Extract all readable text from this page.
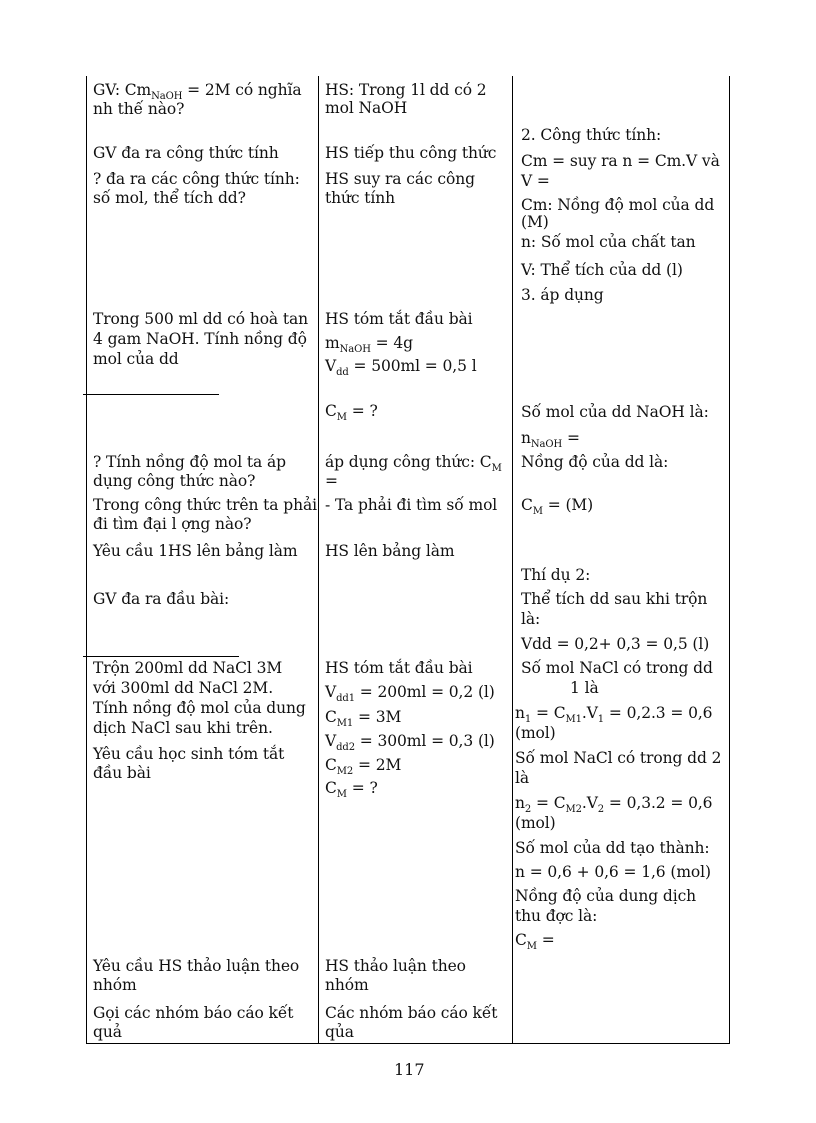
GV: $Cm_{NaOH} = 2M$ có nghĩa
nh thế nào?
GV đa ra công thức tính
? đa ra các công thức tính:
số mol, thể tích dd?
Trong 500 ml dd có hoà tan
4 gam NaOH. Tính nồng độ
mol của dd
? Tính nồng độ mol ta áp
dụng công thức nào?
Trong công thức trên ta phải
đi tìm đại l ợng nào?
Yêu cầu 1HS lên bảng làm
GV đa ra đầu bài:
Trộn 200ml dd NaCl 3M
với 300ml dd NaCl 2M.
Tính nồng độ mol của dung
dịch NaCl sau khi trên.
Yêu cầu học sinh tóm tắt
đầu bài
Yêu cầu HS thảo luận theo
nhóm
Gọi các nhóm báo cáo kết
quả
HS: Trong 1l dd có 2
mol NaOH
HS tiếp thu công thức
HS suy ra các công
thức tính
HS tóm tắt đầu bài
$m_{NaOH} = 4g$
$V_{dd} = 500ml = 0,5$ l
$C_M$ = ?
áp dụng công thức: $C_M$
=
- Ta phải đi tìm số mol
HS lên bảng làm
HS tóm tắt đầu bài
$V_{dd1} = 200ml = 0,2$ (l)
$C_{M1} = 3M$
$V_{dd2} = 300ml = 0,3$ (l)
$C_{M2} = 2M$
$C_M$ = ?
HS thảo luận theo
nhóm
Các nhóm báo cáo kết
qủa
2. Công thức tính:
Cm = suy ra n = Cm.V và
V =
Cm: Nồng độ mol của dd
(M)
n: Số mol của chất tan
V: Thể tích của dd (l)
3. áp dụng
Số mol của dd NaOH là:
$n_{NaOH}$ =
Nồng độ của dd là:
$C_M = (M)$
Thí dụ 2:
Thể tích dd sau khi trộn
là:
Vdd = 0,2+ 0,3 = 0,5 (l)
Số mol NaCl có trong dd
1 là
$n_1 = C_{M1}.V_1 = 0,2.3 = 0,6$
(mol)
Số mol NaCl có trong dd 2
là
$n_2 = C_{M2}.V_2 = 0,3.2 = 0,6$
(mol)
Số mol của dd tạo thành:
n = 0,6 + 0,6 = 1,6 (mol)
Nồng độ của dung dịch
thu đợc là:
$C_M$ =
117
